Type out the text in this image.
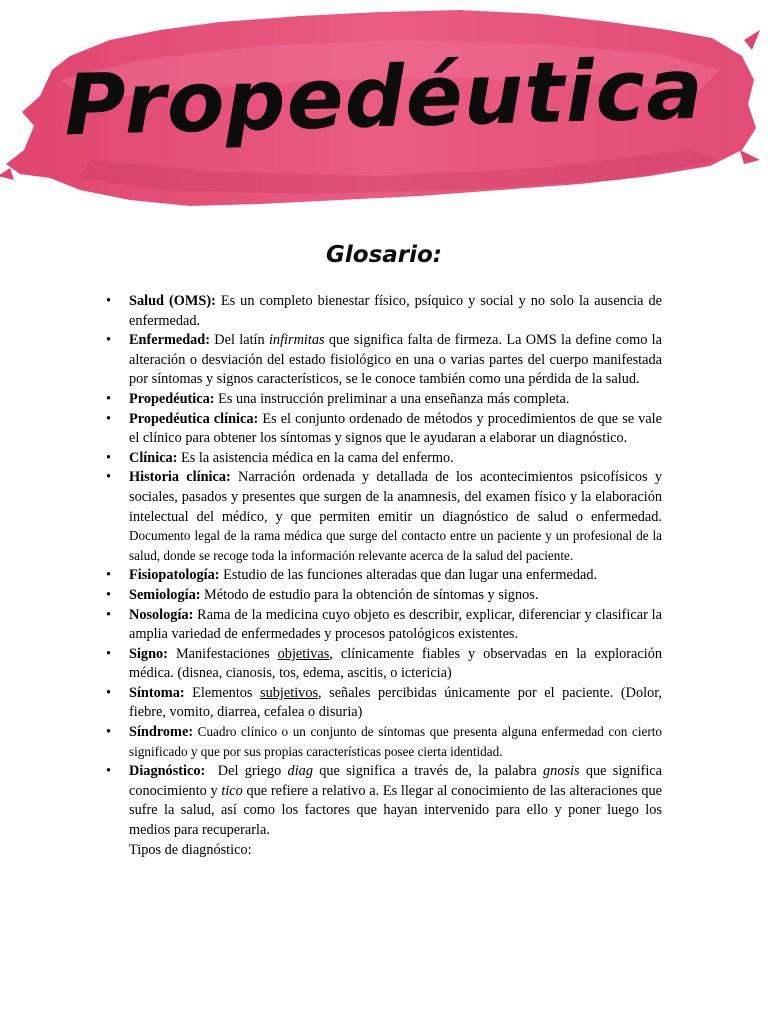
Propedéutica
Glosario:
• Salud (OMS): Es un completo bienestar físico, psíquico y social y no solo la ausencia de enfermedad.
• Enfermedad: Del latín infirmitas que significa falta de firmeza. La OMS la define como la alteración o desviación del estado fisiológico en una o varias partes del cuerpo manifestada por síntomas y signos característicos, se le conoce también como una pérdida de la salud.
• Propedéutica: Es una instrucción preliminar a una enseñanza más completa.
• Propedéutica clínica: Es el conjunto ordenado de métodos y procedimientos de que se vale el clínico para obtener los síntomas y signos que le ayudaran a elaborar un diagnóstico.
• Clínica: Es la asistencia médica en la cama del enfermo.
• Historia clínica: Narración ordenada y detallada de los acontecimientos psicofísicos y sociales, pasados y presentes que surgen de la anamnesis, del examen físico y la elaboración intelectual del médico, y que permiten emitir un diagnóstico de salud o enfermedad. Documento legal de la rama médica que surge del contacto entre un paciente y un profesional de la salud, donde se recoge toda la información relevante acerca de la salud del paciente.
• Fisiopatología: Estudio de las funciones alteradas que dan lugar una enfermedad.
• Semiología: Método de estudio para la obtención de síntomas y signos.
• Nosología: Rama de la medicina cuyo objeto es describir, explicar, diferenciar y clasificar la amplia variedad de enfermedades y procesos patológicos existentes.
• Signo: Manifestaciones objetivas, clínicamente fiables y observadas en la exploración médica. (disnea, cianosis, tos, edema, ascitis, o ictericia)
• Síntoma: Elementos subjetivos, señales percibidas únicamente por el paciente. (Dolor, fiebre, vomito, diarrea, cefalea o disuria)
• Síndrome: Cuadro clínico o un conjunto de síntomas que presenta alguna enfermedad con cierto significado y que por sus propias características posee cierta identidad.
• Diagnóstico:  Del griego diag que significa a través de, la palabra gnosis que significa conocimiento y tico que refiere a relativo a. Es llegar al conocimiento de las alteraciones que sufre la salud, así como los factores que hayan intervenido para ello y poner luego los medios para recuperarla.
Tipos de diagnóstico:
